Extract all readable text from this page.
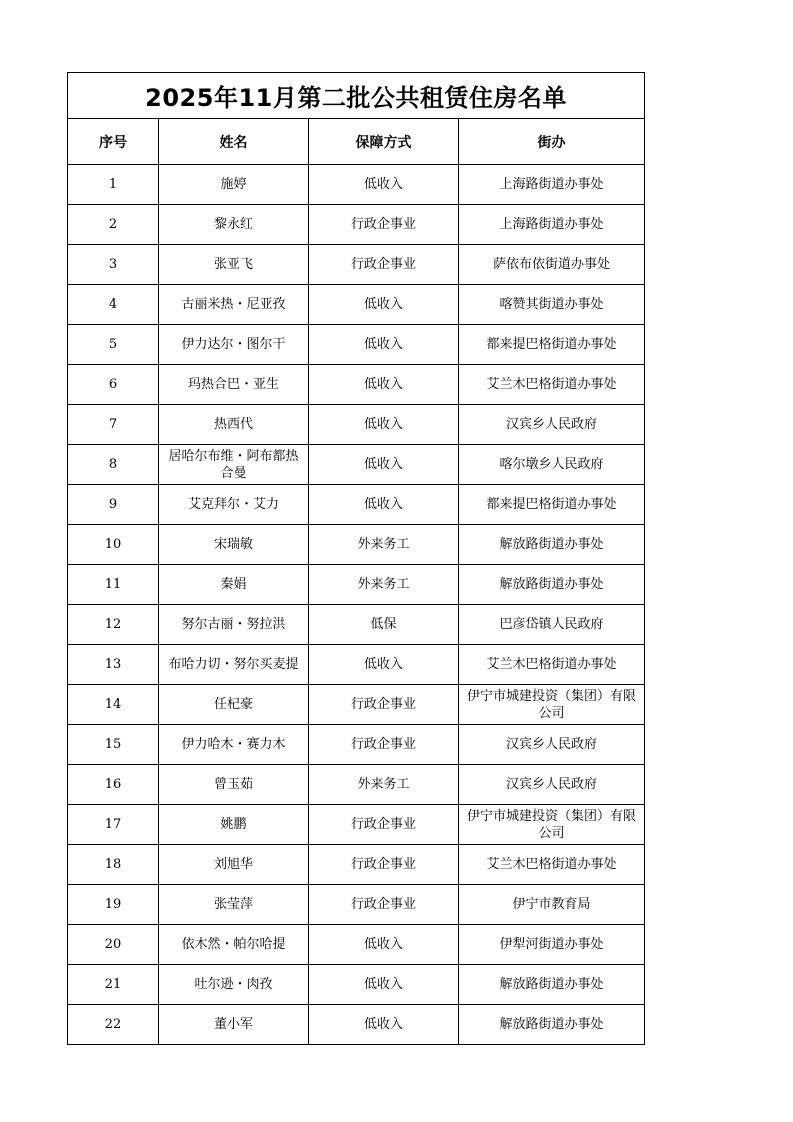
2025年11月第二批公共租赁住房名单			
序号	姓名	保障方式	街办

1	施婷	低收入	上海路街道办事处

2	黎永红	行政企事业	上海路街道办事处

3	张亚飞	行政企事业	萨依布依街道办事处

4	古丽米热・尼亚孜	低收入	喀赞其街道办事处

5	伊力达尔・图尔干	低收入	都来提巴格街道办事处

6	玛热合巴・亚生	低收入	艾兰木巴格街道办事处

7	热西代	低收入	汉宾乡人民政府

8	居哈尔布维・阿布都热合曼	低收入	喀尔墩乡人民政府

9	艾克拜尔・艾力	低收入	都来提巴格街道办事处

10	宋瑞敏	外来务工	解放路街道办事处

11	秦娟	外来务工	解放路街道办事处

12	努尔古丽・努拉洪	低保	巴彦岱镇人民政府

13	布哈力切・努尔买麦提	低收入	艾兰木巴格街道办事处

14	任杞豪	行政企事业	伊宁市城建投资（集团）有限公司

15	伊力哈木・赛力木	行政企事业	汉宾乡人民政府

16	曾玉茹	外来务工	汉宾乡人民政府

17	姚鹏	行政企事业	伊宁市城建投资（集团）有限公司

18	刘旭华	行政企事业	艾兰木巴格街道办事处

19	张莹萍	行政企事业	伊宁市教育局

20	依木然・帕尔哈提	低收入	伊犁河街道办事处

21	吐尔逊・肉孜	低收入	解放路街道办事处

22	董小军	低收入	解放路街道办事处
